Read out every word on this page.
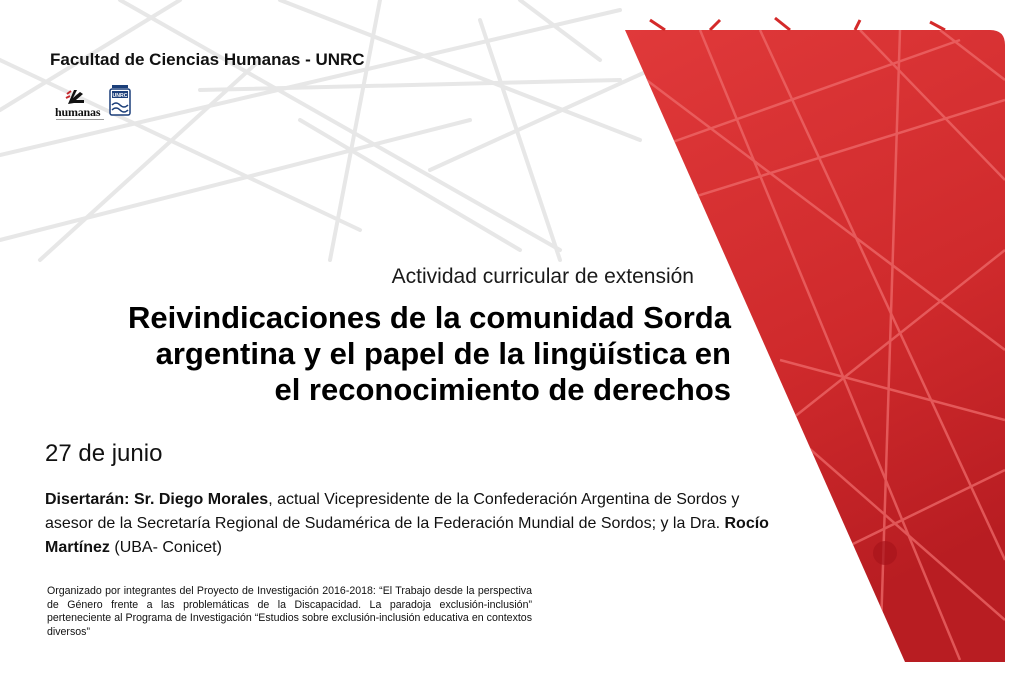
Facultad de Ciencias Humanas - UNRC
humanas
UNRC
Actividad curricular de extensión
Reivindicaciones de la comunidad Sorda
argentina y el papel de la lingüística en
el reconocimiento de derechos
27 de junio
Disertarán: Sr. Diego Morales, actual Vicepresidente de la Confederación Argentina de Sordos y asesor de la Secretaría Regional de Sudamérica de la Federación Mundial de Sordos; y la Dra. Rocío Martínez (UBA- Conicet)
Organizado por integrantes del Proyecto de Investigación 2016-2018: “El Trabajo desde la perspectiva de Género frente a las problemáticas de la Discapacidad. La paradoja exclusión-inclusión” perteneciente al Programa de Investigación “Estudios sobre exclusión-inclusión educativa en contextos diversos”
